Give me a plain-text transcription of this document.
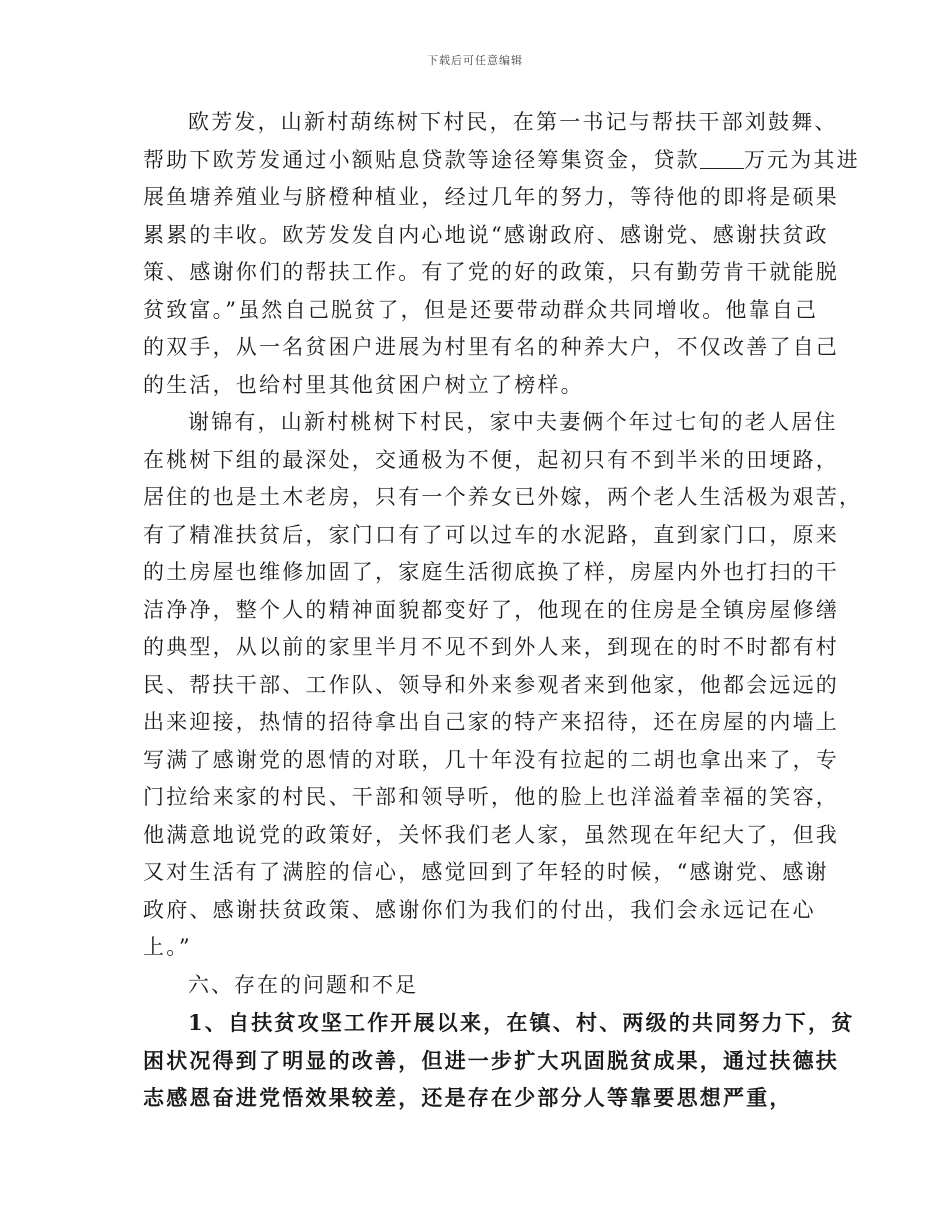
下载后可任意编辑
欧芳发，山新村葫练树下村民，在第一书记与帮扶干部刘鼓舞、
帮助下欧芳发通过小额贴息贷款等途径筹集资金，贷款 万元为其进
展鱼塘养殖业与脐橙种植业，经过几年的努力，等待他的即将是硕果
累累的丰收。欧芳发发自内心地说“感谢政府、感谢党、感谢扶贫政
策、感谢你们的帮扶工作。有了党的好的政策，只有勤劳肯干就能脱
贫致富。”虽然自己脱贫了，但是还要带动群众共同增收。他靠自己
的双手，从一名贫困户进展为村里有名的种养大户，不仅改善了自己
的生活，也给村里其他贫困户树立了榜样。
谢锦有，山新村桃树下村民，家中夫妻俩个年过七旬的老人居住
在桃树下组的最深处，交通极为不便，起初只有不到半米的田埂路，
居住的也是土木老房，只有一个养女已外嫁，两个老人生活极为艰苦，
有了精准扶贫后，家门口有了可以过车的水泥路，直到家门口，原来
的土房屋也维修加固了，家庭生活彻底换了样，房屋内外也打扫的干
洁净净，整个人的精神面貌都变好了，他现在的住房是全镇房屋修缮
的典型，从以前的家里半月不见不到外人来，到现在的时不时都有村
民、帮扶干部、工作队、领导和外来参观者来到他家，他都会远远的
出来迎接，热情的招待拿出自己家的特产来招待，还在房屋的内墙上
写满了感谢党的恩情的对联，几十年没有拉起的二胡也拿出来了，专
门拉给来家的村民、干部和领导听，他的脸上也洋溢着幸福的笑容，
他满意地说党的政策好，关怀我们老人家，虽然现在年纪大了，但我
又对生活有了满腔的信心，感觉回到了年轻的时候，“感谢党、感谢
政府、感谢扶贫政策、感谢你们为我们的付出，我们会永远记在心
上。”
六、存在的问题和不足
1、自扶贫攻坚工作开展以来，在镇、村、两级的共同努力下，贫
困状况得到了明显的改善，但进一步扩大巩固脱贫成果，通过扶德扶
志感恩奋进党悟效果较差，还是存在少部分人等靠要思想严重，
